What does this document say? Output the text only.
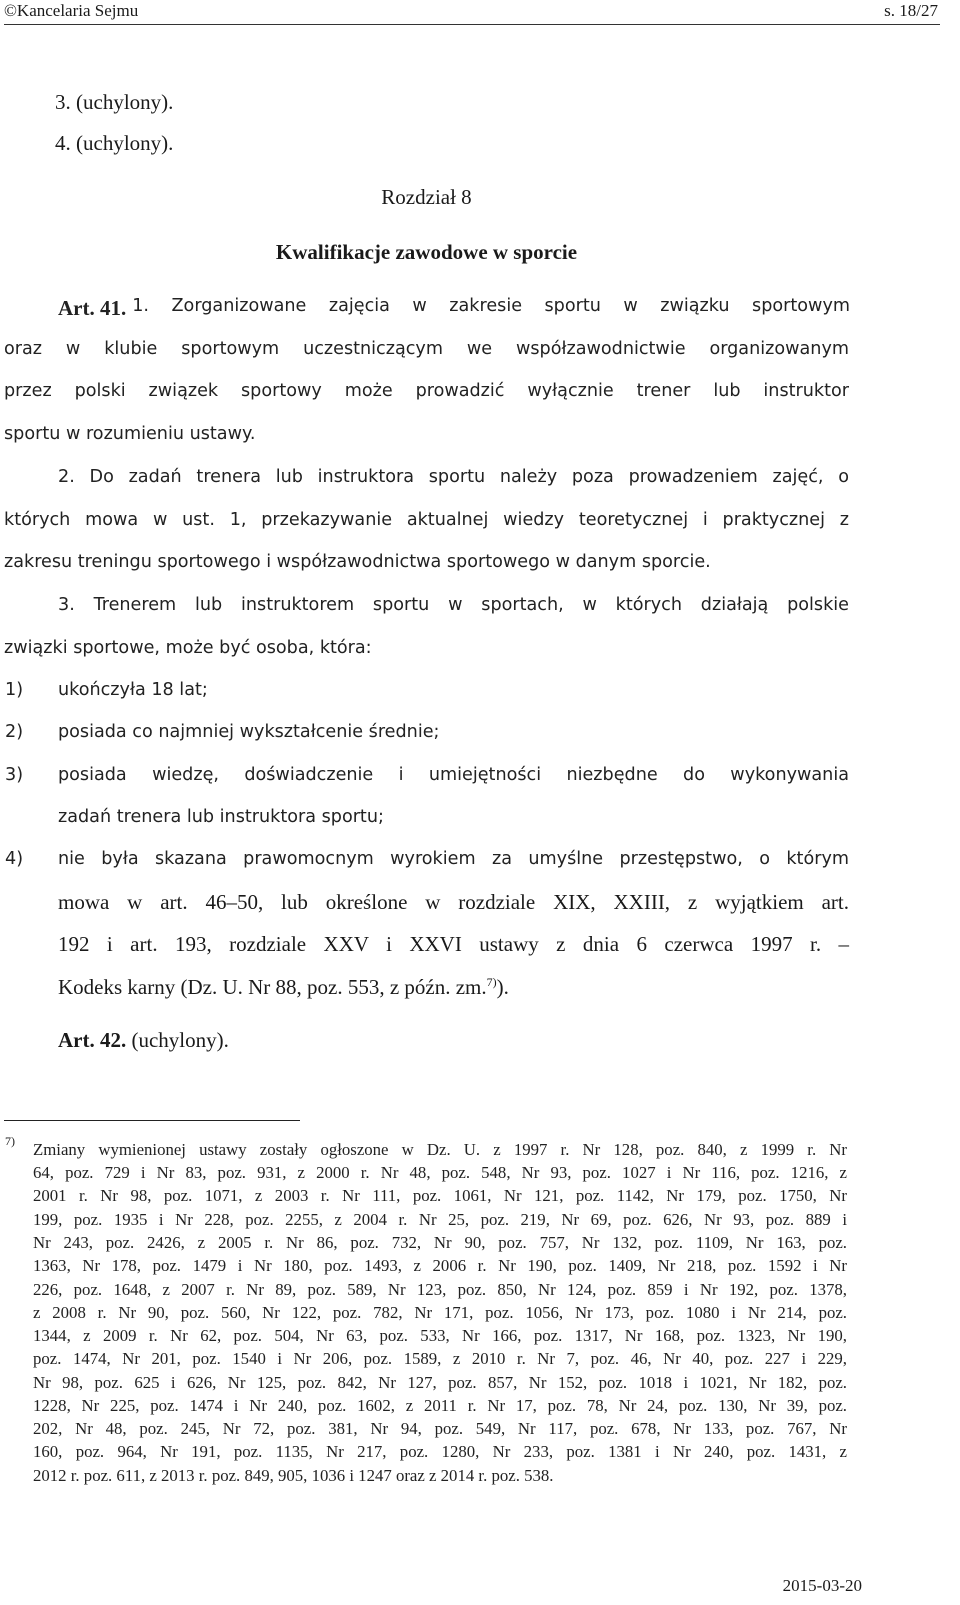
©Kancelaria Sejmu	s. 18/27
3. (uchylony).
4. (uchylony).
Rozdział 8
Kwalifikacje zawodowe w sporcie
Art. 41. 1. Zorganizowane zajęcia w zakresie sportu w związku sportowym
oraz w klubie sportowym uczestniczącym we współzawodnictwie organizowanym
przez polski związek sportowy może prowadzić wyłącznie trener lub instruktor
sportu w rozumieniu ustawy.
2. Do zadań trenera lub instruktora sportu należy poza prowadzeniem zajęć, o
których mowa w ust. 1, przekazywanie aktualnej wiedzy teoretycznej i praktycznej z
zakresu treningu sportowego i współzawodnictwa sportowego w danym sporcie.
3. Trenerem lub instruktorem sportu w sportach, w których działają polskie
związki sportowe, może być osoba, która:
1) ukończyła 18 lat;
2) posiada co najmniej wykształcenie średnie;
3) posiada wiedzę, doświadczenie i umiejętności niezbędne do wykonywania
zadań trenera lub instruktora sportu;
4) nie była skazana prawomocnym wyrokiem za umyślne przestępstwo, o którym
mowa w art. 46–50, lub określone w rozdziale XIX, XXIII, z wyjątkiem art.
192 i art. 193, rozdziale XXV i XXVI ustawy z dnia 6 czerwca 1997 r. –
Kodeks karny (Dz. U. Nr 88, poz. 553, z późn. zm.$^{7)}$).
Art. 42. (uchylony).
7) Zmiany wymienionej ustawy zostały ogłoszone w Dz. U. z 1997 r. Nr 128, poz. 840, z 1999 r. Nr
64, poz. 729 i Nr 83, poz. 931, z 2000 r. Nr 48, poz. 548, Nr 93, poz. 1027 i Nr 116, poz. 1216, z
2001 r. Nr 98, poz. 1071, z 2003 r. Nr 111, poz. 1061, Nr 121, poz. 1142, Nr 179, poz. 1750, Nr
199, poz. 1935 i Nr 228, poz. 2255, z 2004 r. Nr 25, poz. 219, Nr 69, poz. 626, Nr 93, poz. 889 i
Nr 243, poz. 2426, z 2005 r. Nr 86, poz. 732, Nr 90, poz. 757, Nr 132, poz. 1109, Nr 163, poz.
1363, Nr 178, poz. 1479 i Nr 180, poz. 1493, z 2006 r. Nr 190, poz. 1409, Nr 218, poz. 1592 i Nr
226, poz. 1648, z 2007 r. Nr 89, poz. 589, Nr 123, poz. 850, Nr 124, poz. 859 i Nr 192, poz. 1378,
z 2008 r. Nr 90, poz. 560, Nr 122, poz. 782, Nr 171, poz. 1056, Nr 173, poz. 1080 i Nr 214, poz.
1344, z 2009 r. Nr 62, poz. 504, Nr 63, poz. 533, Nr 166, poz. 1317, Nr 168, poz. 1323, Nr 190,
poz. 1474, Nr 201, poz. 1540 i Nr 206, poz. 1589, z 2010 r. Nr 7, poz. 46, Nr 40, poz. 227 i 229,
Nr 98, poz. 625 i 626, Nr 125, poz. 842, Nr 127, poz. 857, Nr 152, poz. 1018 i 1021, Nr 182, poz.
1228, Nr 225, poz. 1474 i Nr 240, poz. 1602, z 2011 r. Nr 17, poz. 78, Nr 24, poz. 130, Nr 39, poz.
202, Nr 48, poz. 245, Nr 72, poz. 381, Nr 94, poz. 549, Nr 117, poz. 678, Nr 133, poz. 767, Nr
160, poz. 964, Nr 191, poz. 1135, Nr 217, poz. 1280, Nr 233, poz. 1381 i Nr 240, poz. 1431, z
2012 r. poz. 611, z 2013 r. poz. 849, 905, 1036 i 1247 oraz z 2014 r. poz. 538.
2015-03-20
